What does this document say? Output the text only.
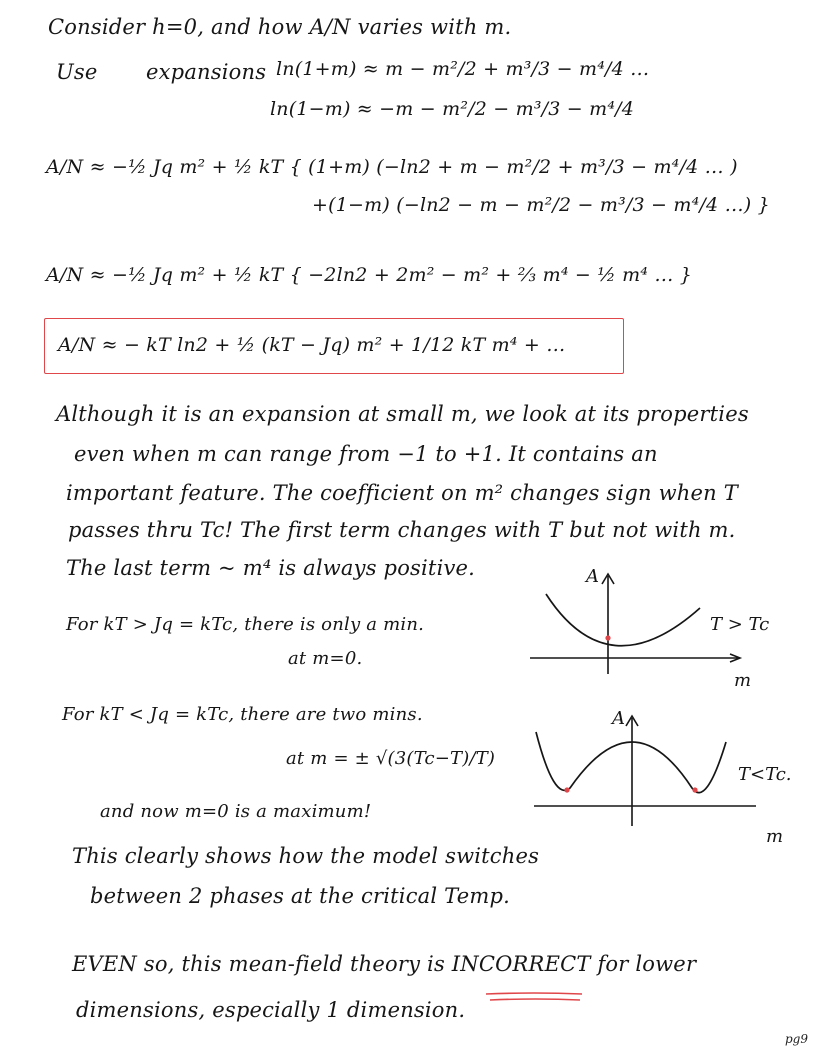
Consider h=0, and how A/N varies with m.
Use expansions ln(1+m) ≈ m − m²/2 + m³/3 − m⁴/4 …
ln(1−m) ≈ −m − m²/2 − m³/3 − m⁴/4
A/N ≈ −½ Jq m² + ½ kT { (1+m) (−ln2 + m − m²/2 + m³/3 − m⁴/4 … )
+(1−m) (−ln2 − m − m²/2 − m³/3 − m⁴/4 …) }
A/N ≈ −½ Jq m² + ½ kT { −2ln2 + 2m² − m² + ⅔ m⁴ − ½ m⁴ … }
A/N ≈ − kT ln2 + ½ (kT − Jq) m² + 1/12 kT m⁴ + …
Although it is an expansion at small m, we look at its properties
even when m can range from −1 to +1. It contains an
important feature. The coefficient on m² changes sign when T
passes thru Tc! The first term changes with T but not with m.
The last term ~ m⁴ is always positive.
For kT > Jq = kTc, there is only a min.
at m=0.
For kT < Jq = kTc, there are two mins.
at m = ± √(3(Tc−T)/T)
and now m=0 is a maximum!
This clearly shows how the model switches
between 2 phases at the critical Temp.
EVEN so, this mean-field theory is INCORRECT for lower
dimensions, especially 1 dimension.
A
T > Tc
m
A
T<Tc.
m
pg9
